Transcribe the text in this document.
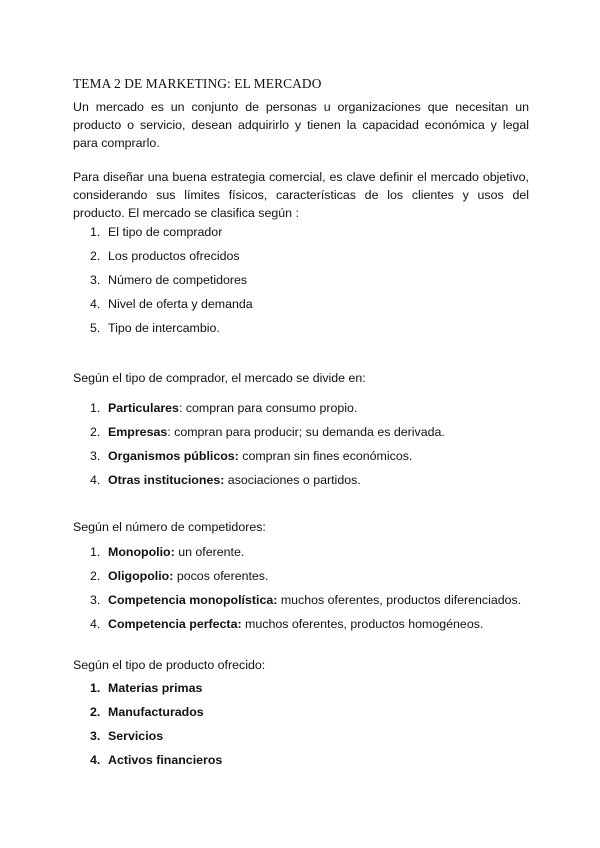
TEMA 2 DE MARKETING: EL MERCADO

Un mercado es un conjunto de personas u organizaciones que necesitan un producto o servicio, desean adquirirlo y tienen la capacidad económica y legal para comprarlo.

Para diseñar una buena estrategia comercial, es clave definir el mercado objetivo, considerando sus límites físicos, características de los clientes y usos del producto. El mercado se clasifica según :

1. El tipo de comprador
2. Los productos ofrecidos
3. Número de competidores
4. Nivel de oferta y demanda
5. Tipo de intercambio.

Según el tipo de comprador, el mercado se divide en:

1. Particulares: compran para consumo propio.
2. Empresas: compran para producir; su demanda es derivada.
3. Organismos públicos: compran sin fines económicos.
4. Otras instituciones: asociaciones o partidos.

Según el número de competidores:

1. Monopolio: un oferente.
2. Oligopolio: pocos oferentes.
3. Competencia monopolística: muchos oferentes, productos diferenciados.
4. Competencia perfecta: muchos oferentes, productos homogéneos.

Según el tipo de producto ofrecido:

1. Materias primas
2. Manufacturados
3. Servicios
4. Activos financieros
